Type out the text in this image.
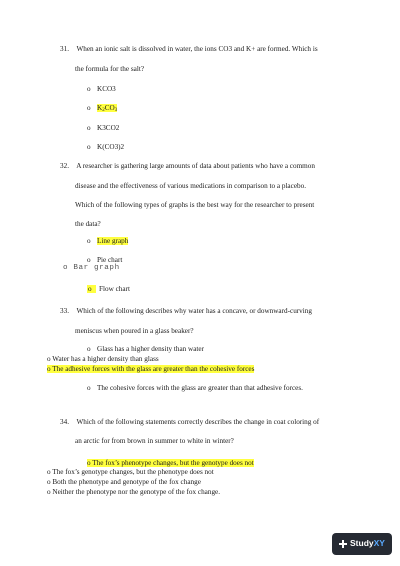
31. When an ionic salt is dissolved in water, the ions CO3 and K+ are formed. Which is
the formula for the salt?
o KCO3
o $K_2CO_3$
o K3CO2
o K(CO3)2
32. A researcher is gathering large amounts of data about patients who have a common
disease and the effectiveness of various medications in comparison to a placebo.
Which of the following types of graphs is the best way for the researcher to present
the data?
o Line graph
o Pie chart
o Bar graph
o Flow chart
33. Which of the following describes why water has a concave, or downward-curving
meniscus when poured in a glass beaker?
o Glass has a higher density than water
o Water has a higher density than glass
o The adhesive forces with the glass are greater than the cohesive forces
o The cohesive forces with the glass are greater than that adhesive forces.
34. Which of the following statements correctly describes the change in coat coloring of
an arctic for from brown in summer to white in winter?
o The fox’s phenotype changes, but the genotype does not
o The fox’s genotype changes, but the phenotype does not
o Both the phenotype and genotype of the fox change
o Neither the phenotype nor the genotype of the fox change.
StudyXY
